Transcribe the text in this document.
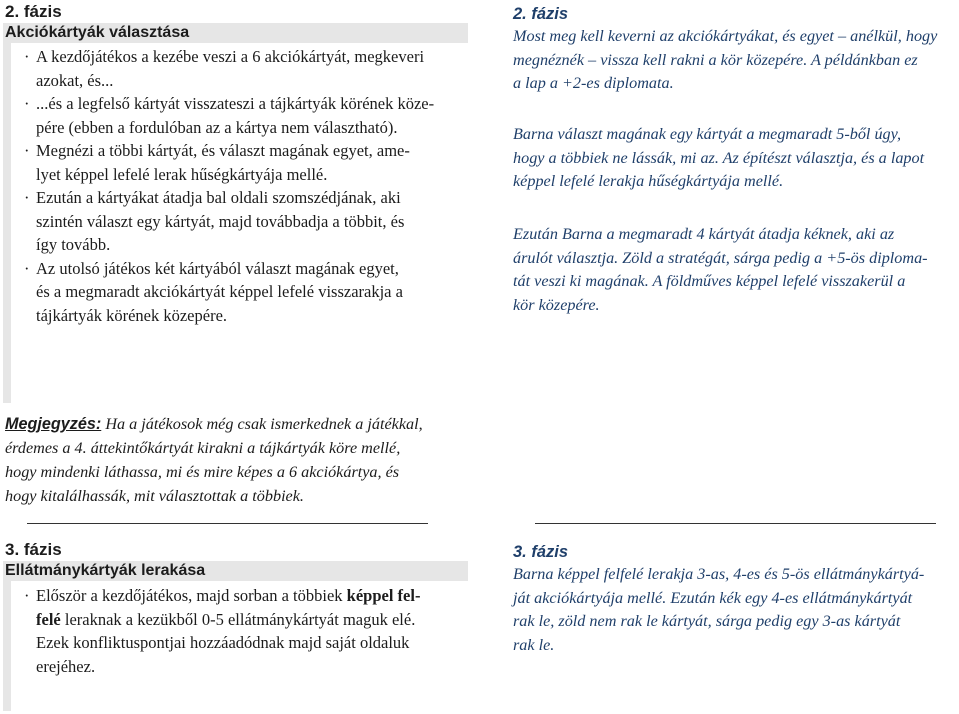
2. fázis
Akciókártyák választása
· A kezdőjátékos a kezébe veszi a 6 akciókártyát, megkeveri
azokat, és...
· ...és a legfelső kártyát visszateszi a tájkártyák körének köze-
pére (ebben a fordulóban az a kártya nem választható).
· Megnézi a többi kártyát, és választ magának egyet, ame-
lyet képpel lefelé lerak hűségkártyája mellé.
· Ezután a kártyákat átadja bal oldali szomszédjának, aki
szintén választ egy kártyát, majd továbbadja a többit, és
így tovább.
· Az utolsó játékos két kártyából választ magának egyet,
és a megmaradt akciókártyát képpel lefelé visszarakja a
tájkártyák körének közepére.
2. fázis
Most meg kell keverni az akciókártyákat, és egyet – anélkül, hogy
megnéznék – vissza kell rakni a kör közepére. A példánkban ez
a lap a +2-es diplomata.
Barna választ magának egy kártyát a megmaradt 5-ből úgy,
hogy a többiek ne lássák, mi az. Az építészt választja, és a lapot
képpel lefelé lerakja hűségkártyája mellé.
Ezután Barna a megmaradt 4 kártyát átadja kéknek, aki az
árulót választja. Zöld a stratégát, sárga pedig a +5-ös diploma-
tát veszi ki magának. A földműves képpel lefelé visszakerül a
kör közepére.
Megjegyzés: Ha a játékosok még csak ismerkednek a játékkal,
érdemes a 4. áttekintőkártyát kirakni a tájkártyák köre mellé,
hogy mindenki láthassa, mi és mire képes a 6 akciókártya, és
hogy kitalálhassák, mit választottak a többiek.
3. fázis
Ellátmánykártyák lerakása
· Először a kezdőjátékos, majd sorban a többiek képpel fel-
felé leraknak a kezükből 0-5 ellátmánykártyát maguk elé.
Ezek konfliktuspontjai hozzáadódnak majd saját oldaluk
erejéhez.
3. fázis
Barna képpel felfelé lerakja 3-as, 4-es és 5-ös ellátmánykártyá-
ját akciókártyája mellé. Ezután kék egy 4-es ellátmánykártyát
rak le, zöld nem rak le kártyát, sárga pedig egy 3-as kártyát
rak le.
